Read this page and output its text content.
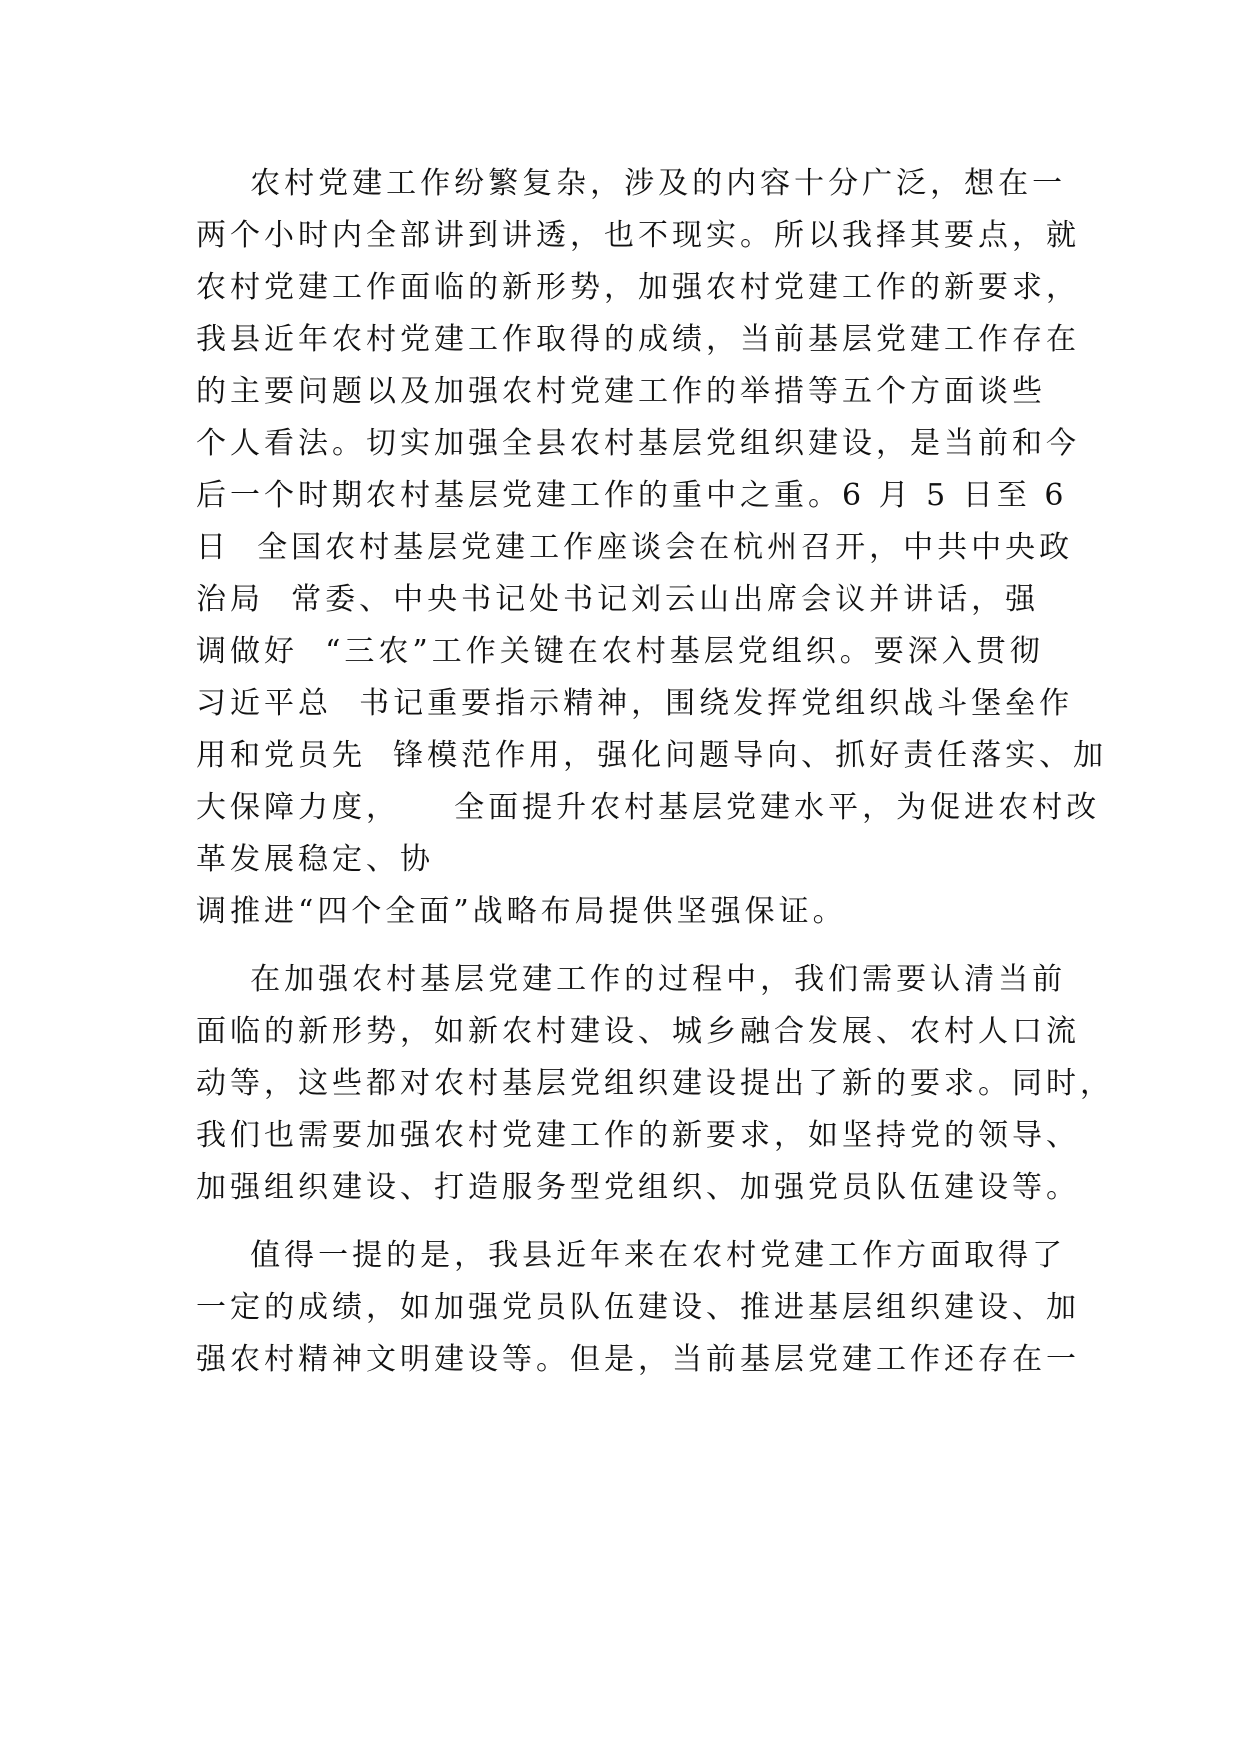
农村党建工作纷繁复杂，涉及的内容十分广泛，想在一
两个小时内全部讲到讲透，也不现实。所以我择其要点，就
农村党建工作面临的新形势，加强农村党建工作的新要求，
我县近年农村党建工作取得的成绩，当前基层党建工作存在
的主要问题以及加强农村党建工作的举措等五个方面谈些
个人看法。切实加强全县农村基层党组织建设，是当前和今
后一个时期农村基层党建工作的重中之重。6 月 5 日至 6
日  全国农村基层党建工作座谈会在杭州召开，中共中央政
治局  常委、中央书记处书记刘云山出席会议并讲话，强
调做好  “三农”工作关键在农村基层党组织。要深入贯彻
习近平总  书记重要指示精神，围绕发挥党组织战斗堡垒作
用和党员先  锋模范作用，强化问题导向、抓好责任落实、加
大保障力度，    全面提升农村基层党建水平，为促进农村改
革发展稳定、协
调推进“四个全面”战略布局提供坚强保证。
在加强农村基层党建工作的过程中，我们需要认清当前
面临的新形势，如新农村建设、城乡融合发展、农村人口流
动等，这些都对农村基层党组织建设提出了新的要求。同时，
我们也需要加强农村党建工作的新要求，如坚持党的领导、
加强组织建设、打造服务型党组织、加强党员队伍建设等。
值得一提的是，我县近年来在农村党建工作方面取得了
一定的成绩，如加强党员队伍建设、推进基层组织建设、加
强农村精神文明建设等。但是，当前基层党建工作还存在一
